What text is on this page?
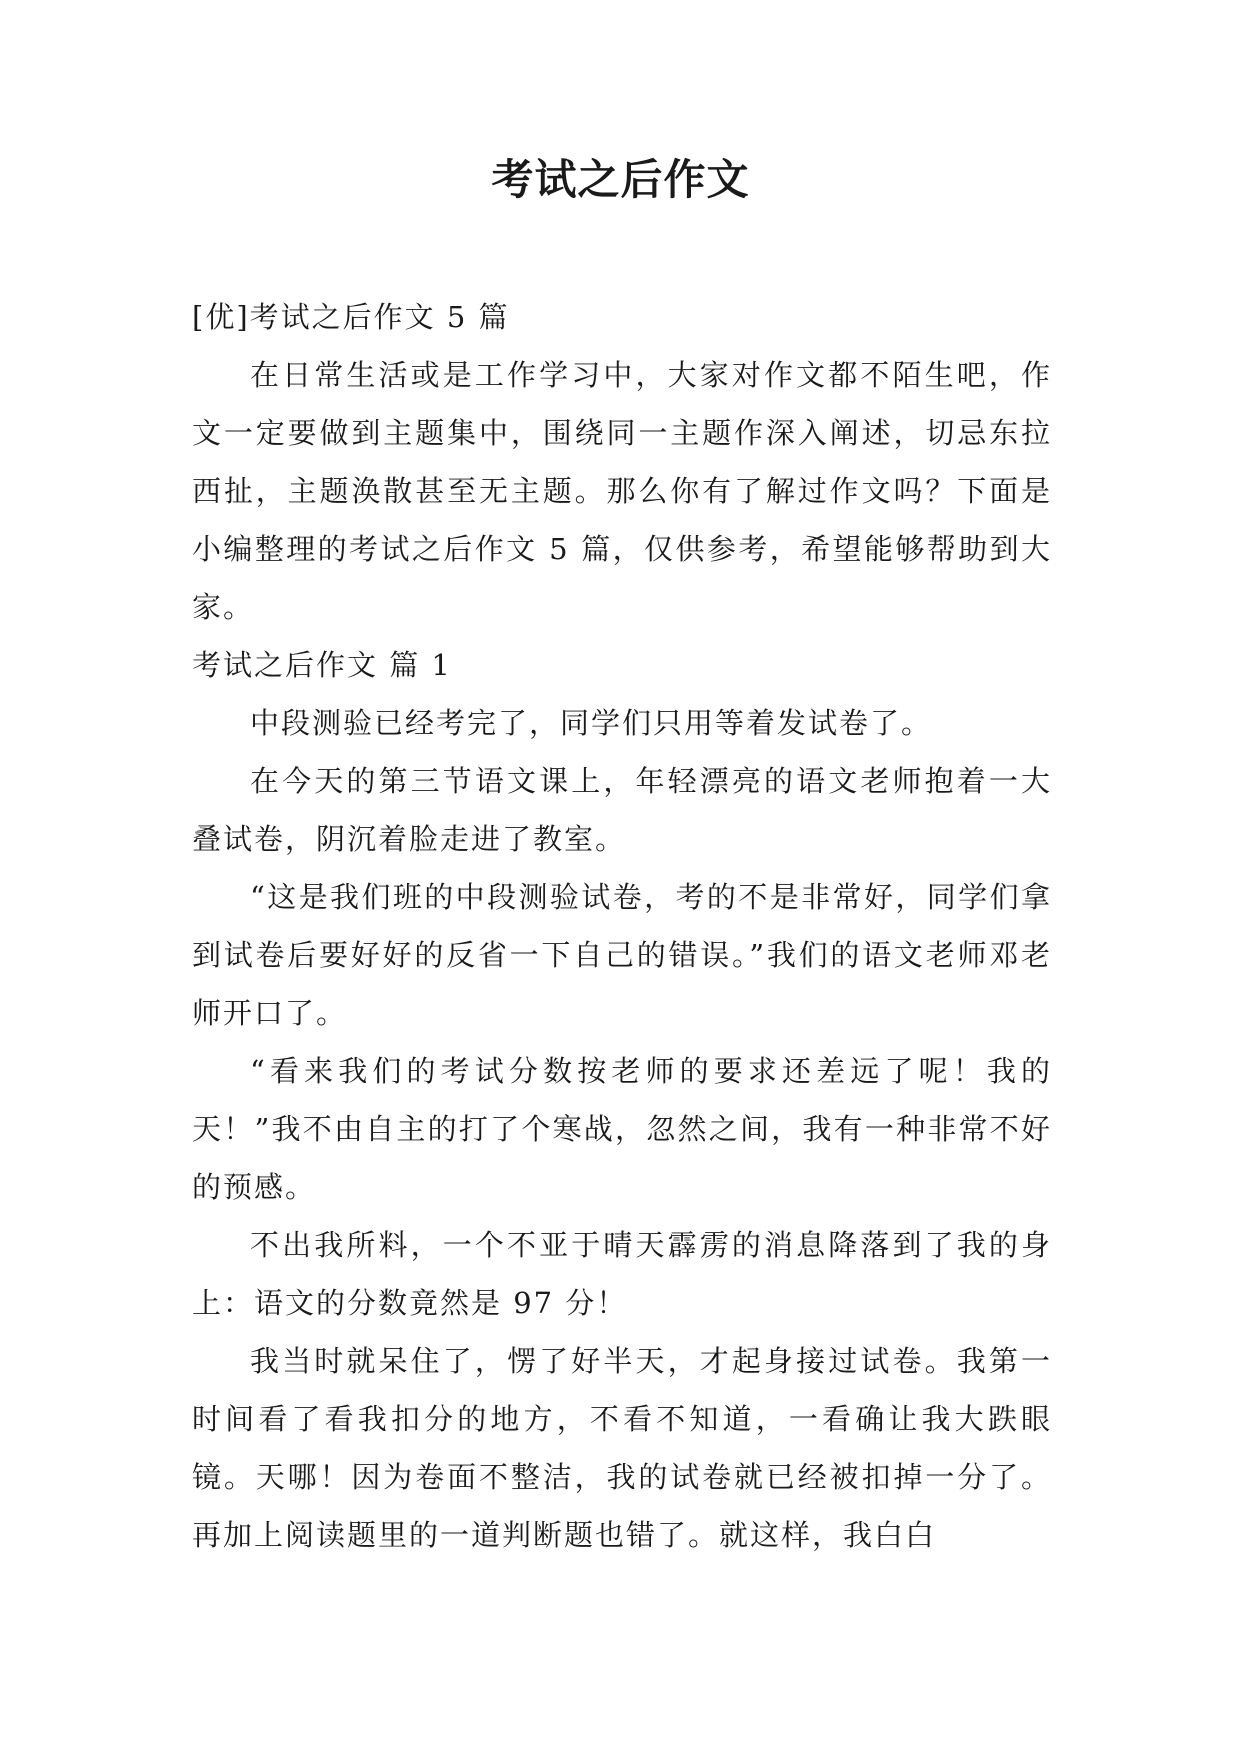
考试之后作文

[优]考试之后作文 5 篇

在日常生活或是工作学习中，大家对作文都不陌生吧，作文一定要做到主题集中，围绕同一主题作深入阐述，切忌东拉西扯，主题涣散甚至无主题。那么你有了解过作文吗？下面是小编整理的考试之后作文 5 篇，仅供参考，希望能够帮助到大家。

考试之后作文 篇 1

中段测验已经考完了，同学们只用等着发试卷了。

在今天的第三节语文课上，年轻漂亮的语文老师抱着一大叠试卷，阴沉着脸走进了教室。

“这是我们班的中段测验试卷，考的不是非常好，同学们拿到试卷后要好好的反省一下自己的错误。”我们的语文老师邓老师开口了。

“看来我们的考试分数按老师的要求还差远了呢！我的天！”我不由自主的打了个寒战，忽然之间，我有一种非常不好的预感。

不出我所料，一个不亚于晴天霹雳的消息降落到了我的身上：语文的分数竟然是 97 分！

我当时就呆住了，愣了好半天，才起身接过试卷。我第一时间看了看我扣分的地方，不看不知道，一看确让我大跌眼镜。天哪！因为卷面不整洁，我的试卷就已经被扣掉一分了。再加上阅读题里的一道判断题也错了。就这样，我白白
